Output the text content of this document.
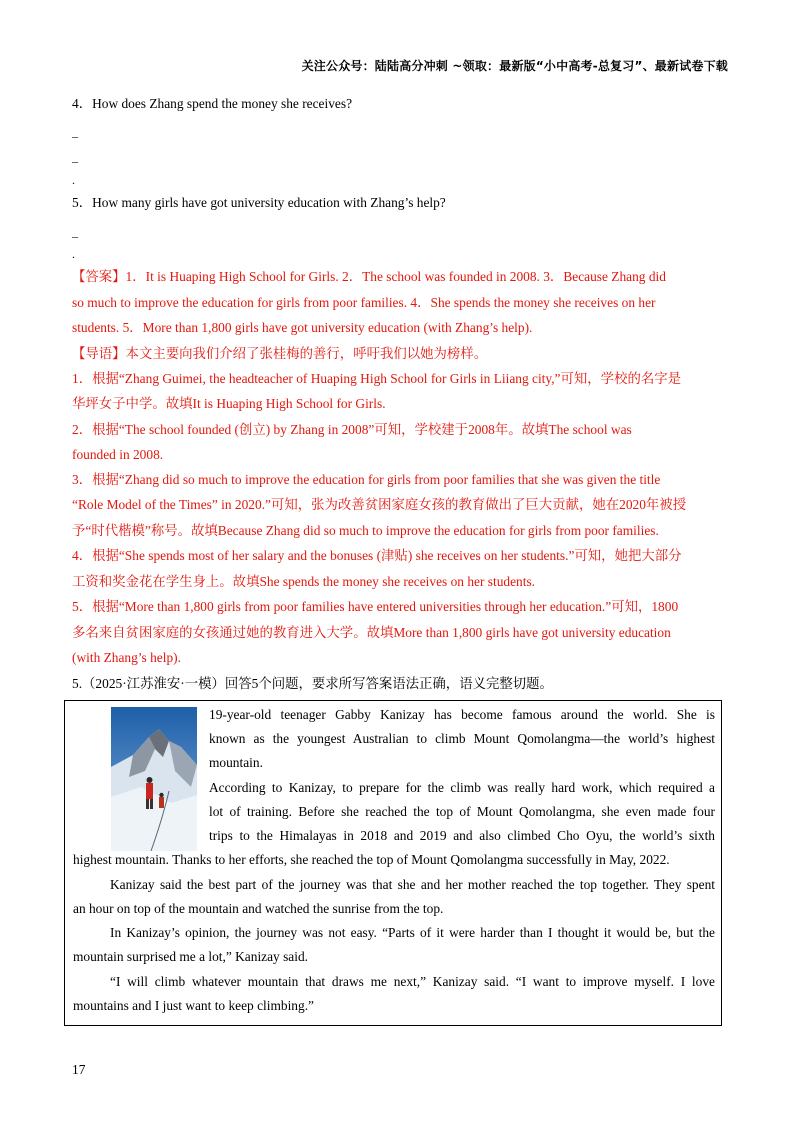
关注公众号：陆陆高分冲刺 ~领取：最新版“小中高考-总复习”、最新试卷下载
4．How does Zhang spend the money she receives?
_
_
.
5．How many girls have got university education with Zhang’s help?
_
.
【答案】1．It is Huaping High School for Girls. 2．The school was founded in 2008. 3．Because Zhang did
so much to improve the education for girls from poor families. 4．She spends the money she receives on her
students. 5．More than 1,800 girls have got university education (with Zhang’s help).
【导语】本文主要向我们介绍了张桂梅的善行，呼吁我们以她为榜样。
1．根据“Zhang Guimei, the headteacher of Huaping High School for Girls in Liiang city,”可知，学校的名字是
华坪女子中学。故填It is Huaping High School for Girls.
2．根据“The school founded (创立) by Zhang in 2008”可知，学校建于2008年。故填The school was
founded in 2008.
3．根据“Zhang did so much to improve the education for girls from poor families that she was given the title
“Role Model of the Times” in 2020.”可知，张为改善贫困家庭女孩的教育做出了巨大贡献，她在2020年被授
予“时代楷模”称号。故填Because Zhang did so much to improve the education for girls from poor families.
4．根据“She spends most of her salary and the bonuses (津贴) she receives on her students.”可知，她把大部分
工资和奖金花在学生身上。故填She spends the money she receives on her students.
5．根据“More than 1,800 girls from poor families have entered universities through her education.”可知，1800
多名来自贫困家庭的女孩通过她的教育进入大学。故填More than 1,800 girls have got university education
(with Zhang’s help).
5.（2025·江苏淮安·一模）回答5个问题，要求所写答案语法正确，语义完整切题。
19-year-old teenager Gabby Kanizay has become famous around the world. She is
known as the youngest Australian to climb Mount Qomolangma—the world’s highest
mountain.
According to Kanizay, to prepare for the climb was really hard work, which required a
lot of training. Before she reached the top of Mount Qomolangma, she even made four
trips to the Himalayas in 2018 and 2019 and also climbed Cho Oyu, the world’s sixth
highest mountain. Thanks to her efforts, she reached the top of Mount Qomolangma successfully in May, 2022.
Kanizay said the best part of the journey was that she and her mother reached the top together. They spent
an hour on top of the mountain and watched the sunrise from the top.
In Kanizay’s opinion, the journey was not easy. “Parts of it were harder than I thought it would be, but the
mountain surprised me a lot,” Kanizay said.
“I will climb whatever mountain that draws me next,” Kanizay said. “I want to improve myself. I love
mountains and I just want to keep climbing.”
17
